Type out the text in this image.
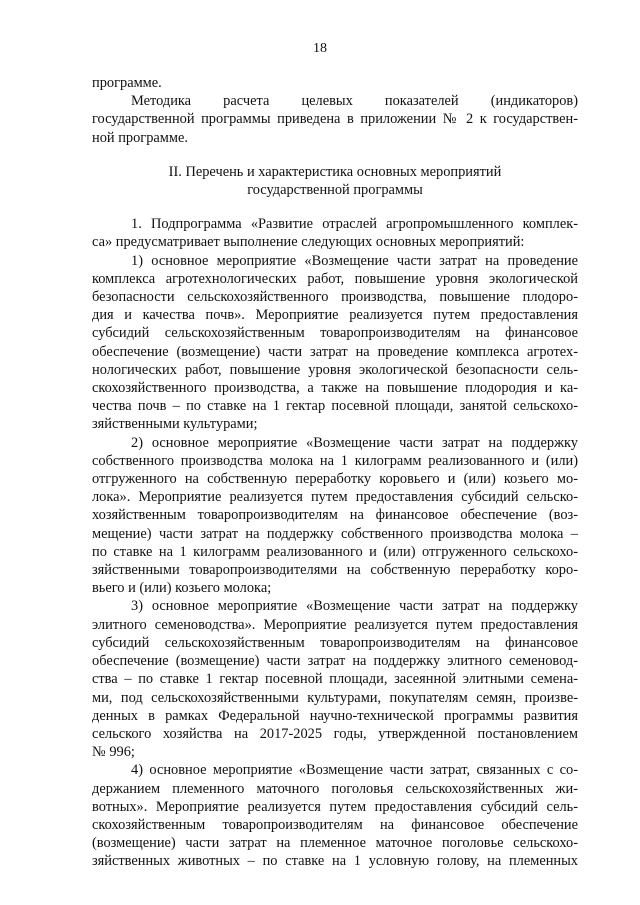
18
программе.
Методика расчета целевых показателей (индикаторов)
государственной программы приведена в приложении № 2 к государствен-
ной программе.
II. Перечень и характеристика основных мероприятий
государственной программы
1. Подпрограмма «Развитие отраслей агропромышленного комплек-
са» предусматривает выполнение следующих основных мероприятий:
1) основное мероприятие «Возмещение части затрат на проведение
комплекса агротехнологических работ, повышение уровня экологической
безопасности сельскохозяйственного производства, повышение плодоро-
дия и качества почв». Мероприятие реализуется путем предоставления
субсидий сельскохозяйственным товаропроизводителям на финансовое
обеспечение (возмещение) части затрат на проведение комплекса агротех-
нологических работ, повышение уровня экологической безопасности сель-
скохозяйственного производства, а также на повышение плодородия и ка-
чества почв – по ставке на 1 гектар посевной площади, занятой сельскохо-
зяйственными культурами;
2) основное мероприятие «Возмещение части затрат на поддержку
собственного производства молока на 1 килограмм реализованного и (или)
отгруженного на собственную переработку коровьего и (или) козьего мо-
лока». Мероприятие реализуется путем предоставления субсидий сельско-
хозяйственным товаропроизводителям на финансовое обеспечение (воз-
мещение) части затрат на поддержку собственного производства молока –
по ставке на 1 килограмм реализованного и (или) отгруженного сельскохо-
зяйственными товаропроизводителями на собственную переработку коро-
вьего и (или) козьего молока;
3) основное мероприятие «Возмещение части затрат на поддержку
элитного семеноводства». Мероприятие реализуется путем предоставления
субсидий сельскохозяйственным товаропроизводителям на финансовое
обеспечение (возмещение) части затрат на поддержку элитного семеновод-
ства – по ставке 1 гектар посевной площади, засеянной элитными семена-
ми, под сельскохозяйственными культурами, покупателям семян, произве-
денных в рамках Федеральной научно-технической программы развития
сельского хозяйства на 2017-2025 годы, утвержденной постановлением
№ 996;
4) основное мероприятие «Возмещение части затрат, связанных с со-
держанием племенного маточного поголовья сельскохозяйственных жи-
вотных». Мероприятие реализуется путем предоставления субсидий сель-
скохозяйственным товаропроизводителям на финансовое обеспечение
(возмещение) части затрат на племенное маточное поголовье сельскохо-
зяйственных животных – по ставке на 1 условную голову, на племенных
